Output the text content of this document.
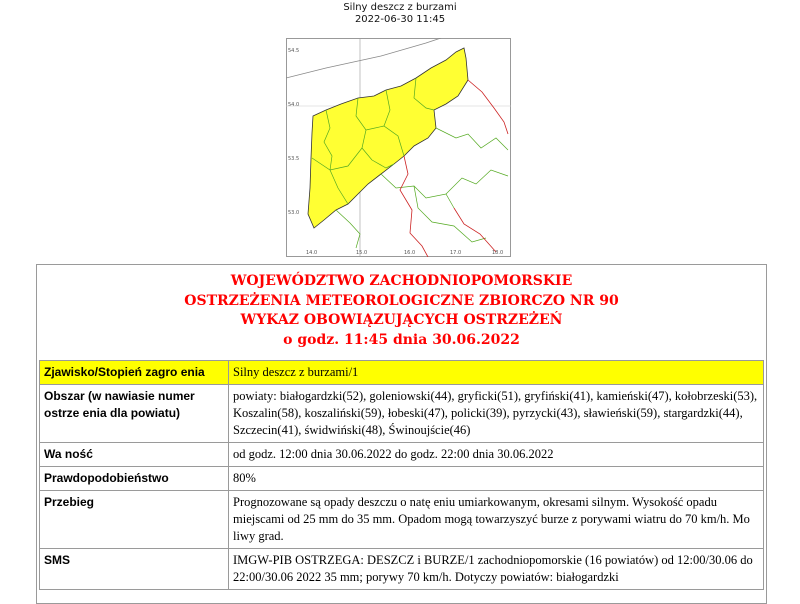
Silny deszcz z burzami
2022-06-30 11:45
54.5
54.0
53.5
53.0
14.0	15.0	16.0	17.0	18.0
WOJEWÓDZTWO ZACHODNIOPOMORSKIE
OSTRZEŻENIA METEOROLOGICZNE ZBIORCZO NR 90
WYKAZ OBOWIĄZUJĄCYCH OSTRZEŻEŃ
o godz. 11:45 dnia 30.06.2022
Zjawisko/Stopień zagro enia	Silny deszcz z burzami/1
Obszar (w nawiasie numer ostrze enia dla powiatu)	powiaty: białogardzki(52), goleniowski(44), gryficki(51), gryfiński(41), kamieński(47), kołobrzeski(53), Koszalin(58), koszaliński(59), łobeski(47), policki(39), pyrzycki(43), sławieński(59), stargardzki(44), Szczecin(41), świdwiński(48), Świnoujście(46)
Wa ność	od godz. 12:00 dnia 30.06.2022 do godz. 22:00 dnia 30.06.2022
Prawdopodobieństwo	80%
Przebieg	Prognozowane są opady deszczu o natę eniu umiarkowanym, okresami silnym. Wysokość opadu miejscami od 25 mm do 35 mm. Opadom mogą towarzyszyć burze z porywami wiatru do 70 km/h. Mo liwy grad.
SMS	IMGW-PIB OSTRZEGA: DESZCZ i BURZE/1 zachodniopomorskie (16 powiatów) od 12:00/30.06 do 22:00/30.06 2022 35 mm; porywy 70 km/h. Dotyczy powiatów: białogardzki
